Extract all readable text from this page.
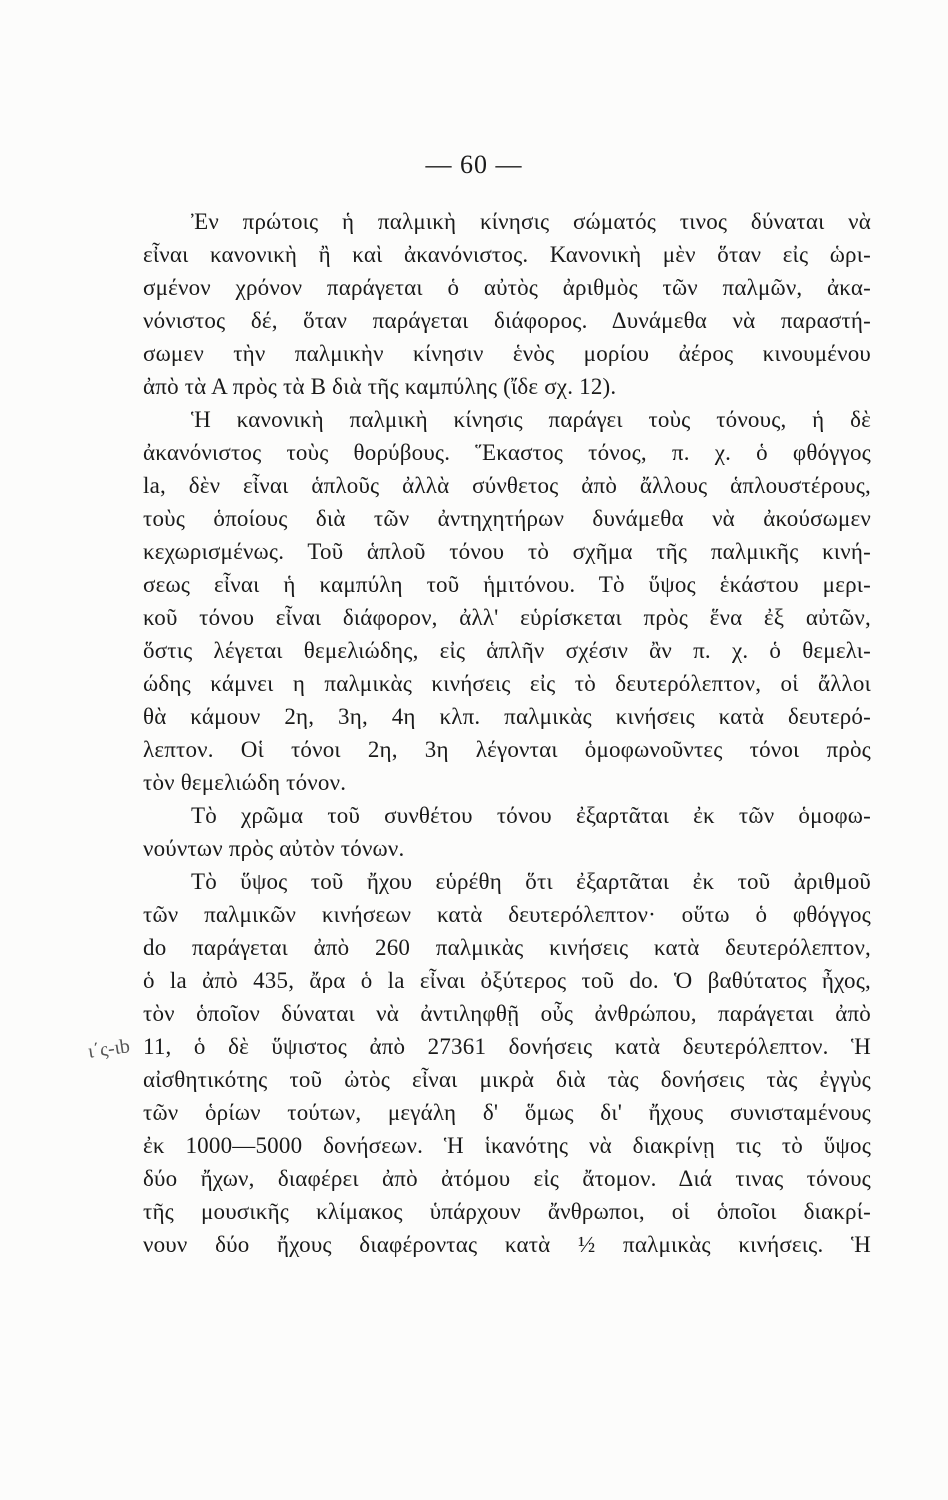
— 60 —
Ἐν πρώτοις ἡ παλμικὴ κίνησις σώματός τινος δύναται νὰ
εἶναι κανονικὴ ἢ καὶ ἀκανόνιστος. Κανονικὴ μὲν ὅταν εἰς ὡρι-
σμένον χρόνον παράγεται ὁ αὐτὸς ἀριθμὸς τῶν παλμῶν, ἀκα-
νόνιστος δέ, ὅταν παράγεται διάφορος. Δυνάμεθα νὰ παραστή-
σωμεν τὴν παλμικὴν κίνησιν ἑνὸς μορίου ἀέρος κινουμένου
ἀπὸ τὰ Α πρὸς τὰ Β διὰ τῆς καμπύλης (ἴδε σχ. 12).
Ἡ κανονικὴ παλμικὴ κίνησις παράγει τοὺς τόνους, ἡ δὲ
ἀκανόνιστος τοὺς θορύβους. Ἕκαστος τόνος, π. χ. ὁ φθόγγος
la, δὲν εἶναι ἁπλοῦς ἀλλὰ σύνθετος ἀπὸ ἄλλους ἁπλουστέρους,
τοὺς ὁποίους διὰ τῶν ἀντηχητήρων δυνάμεθα νὰ ἀκούσωμεν
κεχωρισμένως. Τοῦ ἁπλοῦ τόνου τὸ σχῆμα τῆς παλμικῆς κινή-
σεως εἶναι ἡ καμπύλη τοῦ ἡμιτόνου. Τὸ ὕψος ἑκάστου μερι-
κοῦ τόνου εἶναι διάφορον, ἀλλ' εὑρίσκεται πρὸς ἕνα ἐξ αὐτῶν,
ὅστις λέγεται θεμελιώδης, εἰς ἁπλῆν σχέσιν ἂν π. χ. ὁ θεμελι-
ώδης κάμνει η παλμικὰς κινήσεις εἰς τὸ δευτερόλεπτον, οἱ ἄλλοι
θὰ κάμουν 2η, 3η, 4η κλπ. παλμικὰς κινήσεις κατὰ δευτερό-
λεπτον. Οἱ τόνοι 2η, 3η λέγονται ὁμοφωνοῦντες τόνοι πρὸς
τὸν θεμελιώδη τόνον.
Τὸ χρῶμα τοῦ συνθέτου τόνου ἐξαρτᾶται ἐκ τῶν ὁμοφω-
νούντων πρὸς αὐτὸν τόνων.
Τὸ ὕψος τοῦ ἤχου εὑρέθη ὅτι ἐξαρτᾶται ἐκ τοῦ ἀριθμοῦ
τῶν παλμικῶν κινήσεων κατὰ δευτερόλεπτον· οὕτω ὁ φθόγγος
do παράγεται ἀπὸ 260 παλμικὰς κινήσεις κατὰ δευτερόλεπτον,
ὁ la ἀπὸ 435, ἄρα ὁ la εἶναι ὀξύτερος τοῦ do. Ὁ βαθύτατος ἦχος,
τὸν ὁποῖον δύναται νὰ ἀντιληφθῇ οὖς ἀνθρώπου, παράγεται ἀπὸ
11, ὁ δὲ ὕψιστος ἀπὸ 27361 δονήσεις κατὰ δευτερόλεπτον. Ἡ
αἰσθητικότης τοῦ ὠτὸς εἶναι μικρὰ διὰ τὰς δονήσεις τὰς ἐγγὺς
τῶν ὁρίων τούτων, μεγάλη δ' ὅμως δι' ἤχους συνισταμένους
ἐκ 1000—5000 δονήσεων. Ἡ ἱκανότης νὰ διακρίνῃ τις τὸ ὕψος
δύο ἤχων, διαφέρει ἀπὸ ἀτόμου εἰς ἄτομον. Διά τινας τόνους
τῆς μουσικῆς κλίμακος ὑπάρχουν ἄνθρωποι, οἱ ὁποῖοι διακρί-
νουν δύο ἤχους διαφέροντας κατὰ ½ παλμικὰς κινήσεις. Ἡ
ι΄ς-ιb
